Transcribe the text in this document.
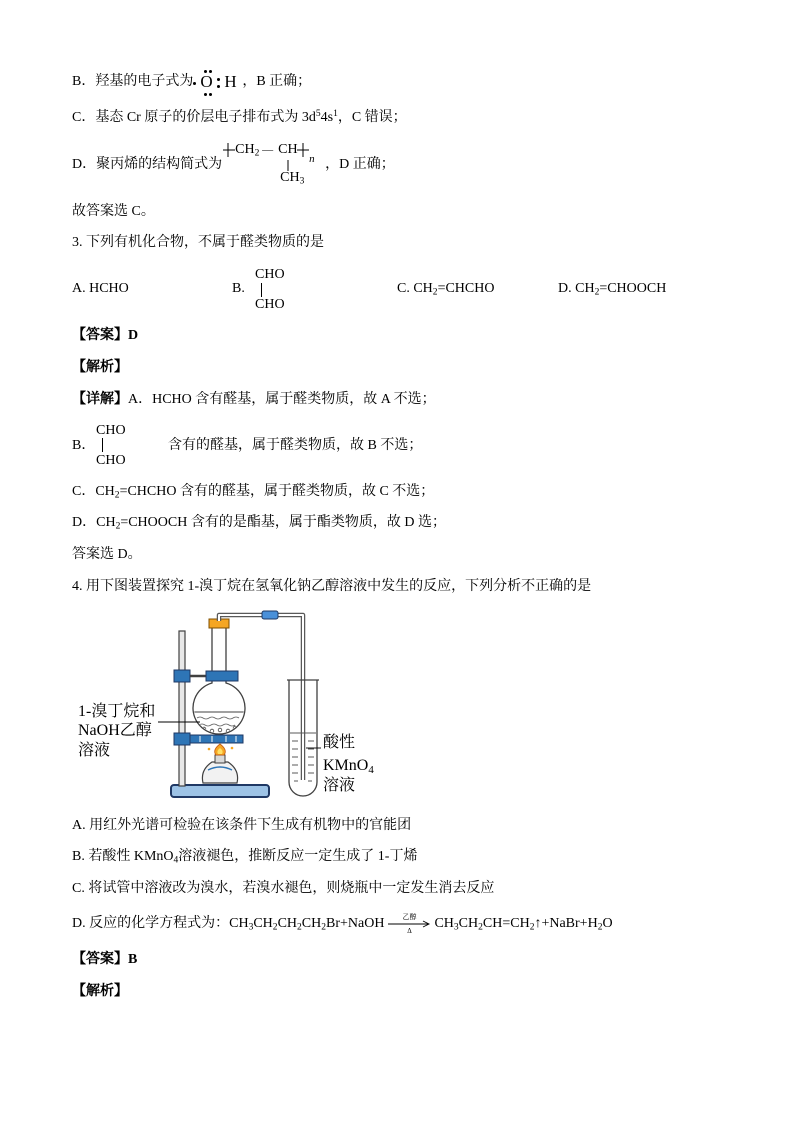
B．羟基的电子式为 O H ，B 正确；
C．基态 Cr 原子的价层电子排布式为 $3d^54s^1$，C 错误；
D．聚丙烯的结构简式为
$CH_2$ — CH
n
$CH_3$
，D 正确；
故答案选 C。
3. 下列有机化合物，不属于醛类物质的是
A. HCHO	B.
CHO
CHO
C. $CH_2=CHCHO$	D. $CH_2=CHOOCH$
【答案】D
【解析】
【详解】A．HCHO 含有醛基，属于醛类物质，故 A 不选；
B．
CHO
CHO
含有的醛基，属于醛类物质，故 B 不选；
C．$CH_2=CHCHO$ 含有的醛基，属于醛类物质，故 C 不选；
D．$CH_2=CHOOCH$ 含有的是酯基，属于酯类物质，故 D 选；
答案选 D。
4. 用下图装置探究 1-溴丁烷在氢氧化钠乙醇溶液中发生的反应，下列分析不正确的是
1-溴丁烷和
NaOH乙醇
溶液	酸性
KMnO$_4$
溶液
A. 用红外光谱可检验在该条件下生成有机物中的官能团
B. 若酸性 KMnO$_4$溶液褪色，推断反应一定生成了 1-丁烯
C. 将试管中溶液改为溴水，若溴水褪色，则烧瓶中一定发生消去反应
D. 反应的化学方程式为：$CH_3CH_2CH_2CH_2Br+NaOH$	乙醇
Δ	$CH_3CH_2CH=CH_2↑+NaBr+H_2O$
【答案】B
【解析】
